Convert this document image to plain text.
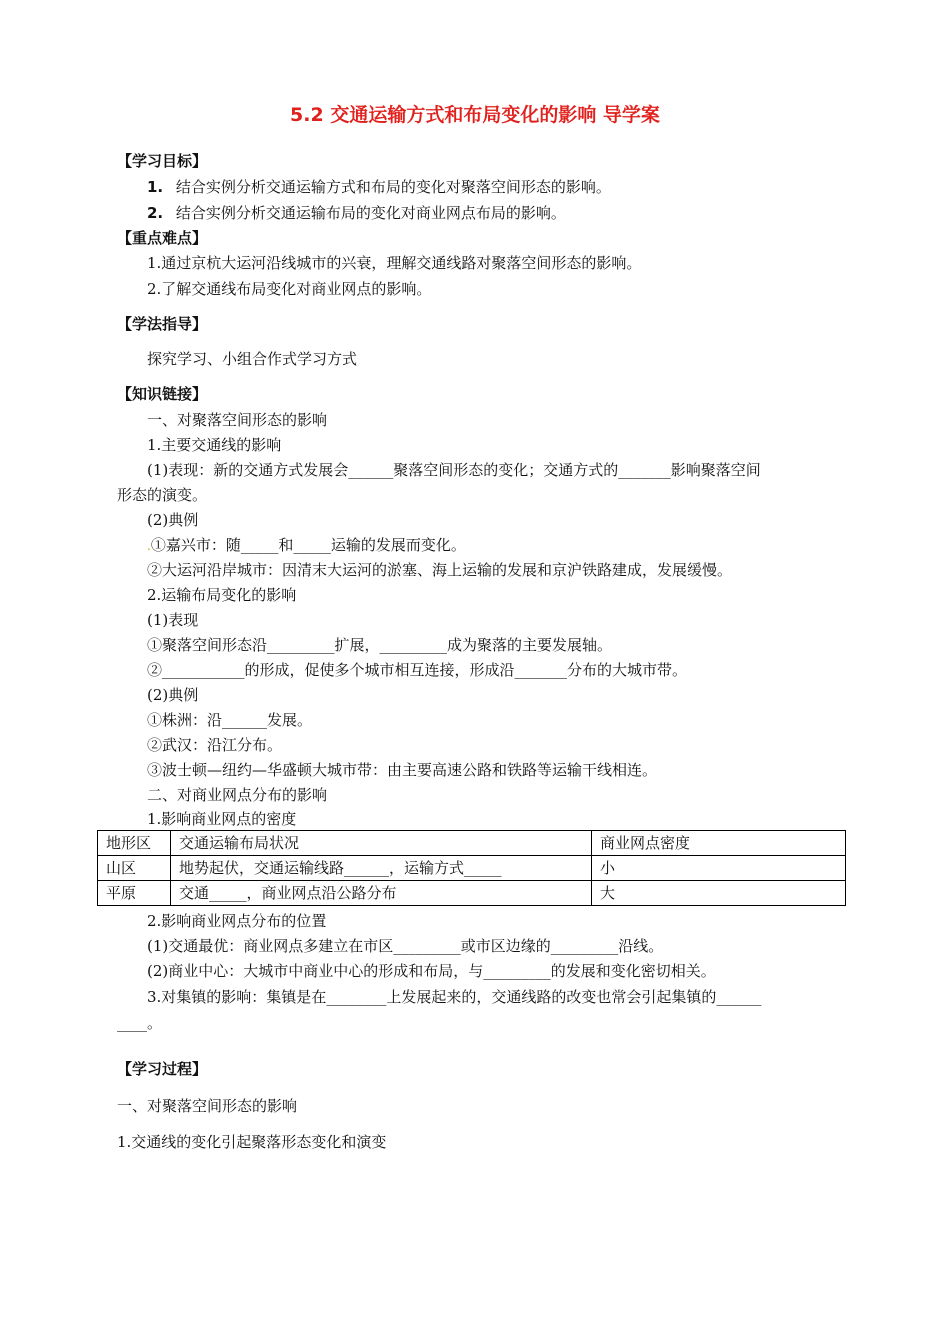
5.2 交通运输方式和布局变化的影响 导学案
【学习目标】
1. 结合实例分析交通运输方式和布局的变化对聚落空间形态的影响。
2. 结合实例分析交通运输布局的变化对商业网点布局的影响。
【重点难点】
1.通过京杭大运河沿线城市的兴衰，理解交通线路对聚落空间形态的影响。
2.了解交通线布局变化对商业网点的影响。
【学法指导】
探究学习、小组合作式学习方式
【知识链接】
一、对聚落空间形态的影响
1.主要交通线的影响
(1)表现：新的交通方式发展会______聚落空间形态的变化；交通方式的_______影响聚落空间
形态的演变。
(2)典例
.①嘉兴市：随_____和_____运输的发展而变化。
②大运河沿岸城市：因清末大运河的淤塞、海上运输的发展和京沪铁路建成，发展缓慢。
2.运输布局变化的影响
(1)表现
①聚落空间形态沿_________扩展，_________成为聚落的主要发展轴。
②___________的形成，促使多个城市相互连接，形成沿_______分布的大城市带。
(2)典例
①株洲：沿______发展。
②武汉：沿江分布。
③波士顿—纽约—华盛顿大城市带：由主要高速公路和铁路等运输干线相连。
二、对商业网点分布的影响
1.影响商业网点的密度
地形区	交通运输布局状况	商业网点密度
山区	地势起伏，交通运输线路______，运输方式_____	小
平原	交通_____，商业网点沿公路分布	大
2.影响商业网点分布的位置
(1)交通最优：商业网点多建立在市区_________或市区边缘的_________沿线。
(2)商业中心：大城市中商业中心的形成和布局，与_________的发展和变化密切相关。
3.对集镇的影响：集镇是在________上发展起来的，交通线路的改变也常会引起集镇的______
____。
【学习过程】
一、对聚落空间形态的影响
1.交通线的变化引起聚落形态变化和演变
